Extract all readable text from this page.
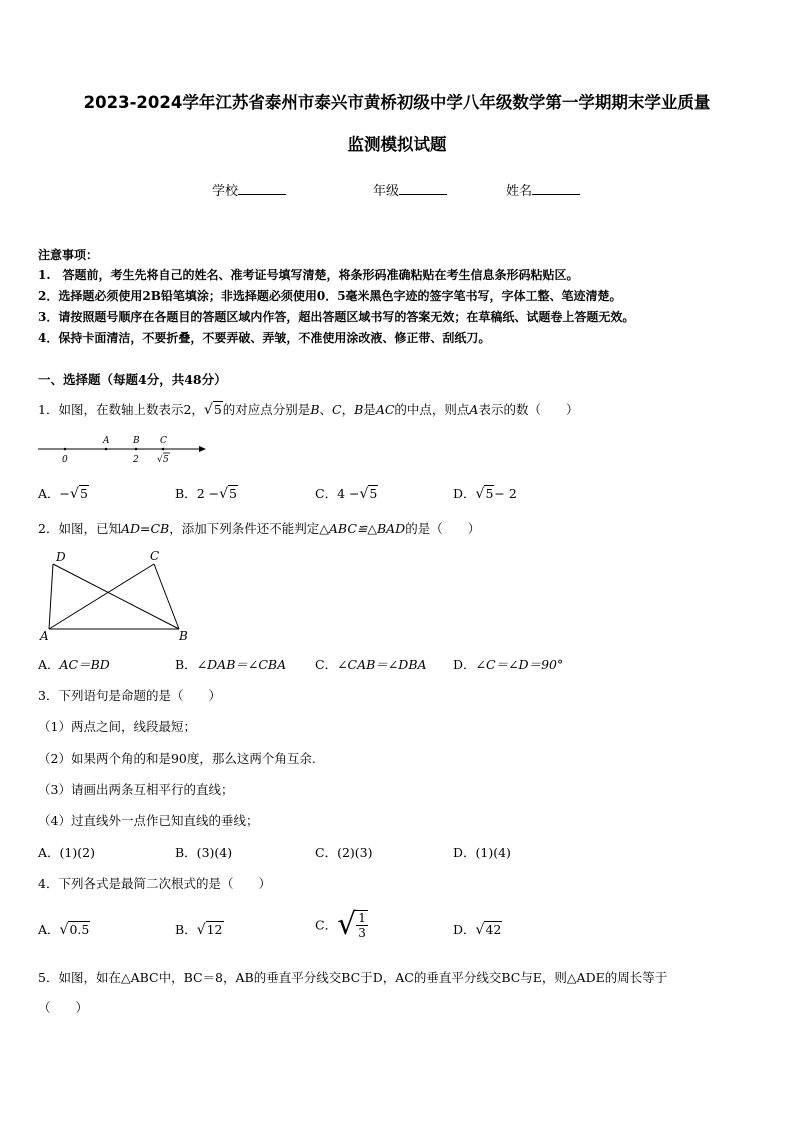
2023-2024学年江苏省泰州市泰兴市黄桥初级中学八年级数学第一学期期末学业质量
监测模拟试题
学校	年级	姓名
注意事项：
1.　答题前，考生先将自己的姓名、准考证号填写清楚，将条形码准确粘贴在考生信息条形码粘贴区。
2．选择题必须使用2B铅笔填涂；非选择题必须使用0．5毫米黑色字迹的签字笔书写，字体工整、笔迹清楚。
3．请按照题号顺序在各题目的答题区域内作答，超出答题区域书写的答案无效；在草稿纸、试题卷上答题无效。
4．保持卡面清洁，不要折叠，不要弄破、弄皱，不准使用涂改液、修正带、刮纸刀。
一、选择题（每题4分，共48分）
1．如图，在数轴上数表示2，√5的对应点分别是B、C，B是AC的中点，则点A表示的数（　　）
A	B C
0	2 √ 5
A．−√5	B．2 −√5	C．4 −√5	D．√5− 2
2．如图，已知AD=CB，添加下列条件还不能判定△ABC≌△BAD的是（　　）
D	C
A	B
A．AC＝BD	B．∠DAB＝∠CBA C．∠CAB＝∠DBA D．∠C＝∠D＝90°
3．下列语句是命题的是（　　）
（1）两点之间，线段最短；
（2）如果两个角的和是90度，那么这两个角互余.
（3）请画出两条互相平行的直线；
（4）过直线外一点作已知直线的垂线；
A．(1)(2)	B．(3)(4)	C．(2)(3)	D．(1)(4)
4．下列各式是最简二次根式的是（　　）
A．√0.5	B．√12	C．√ $\frac{1}{3}$	D．√42
5．如图，如在△ABC中，BC＝8，AB的垂直平分线交BC于D，AC的垂直平分线交BC与E，则△ADE的周长等于
（　　）
